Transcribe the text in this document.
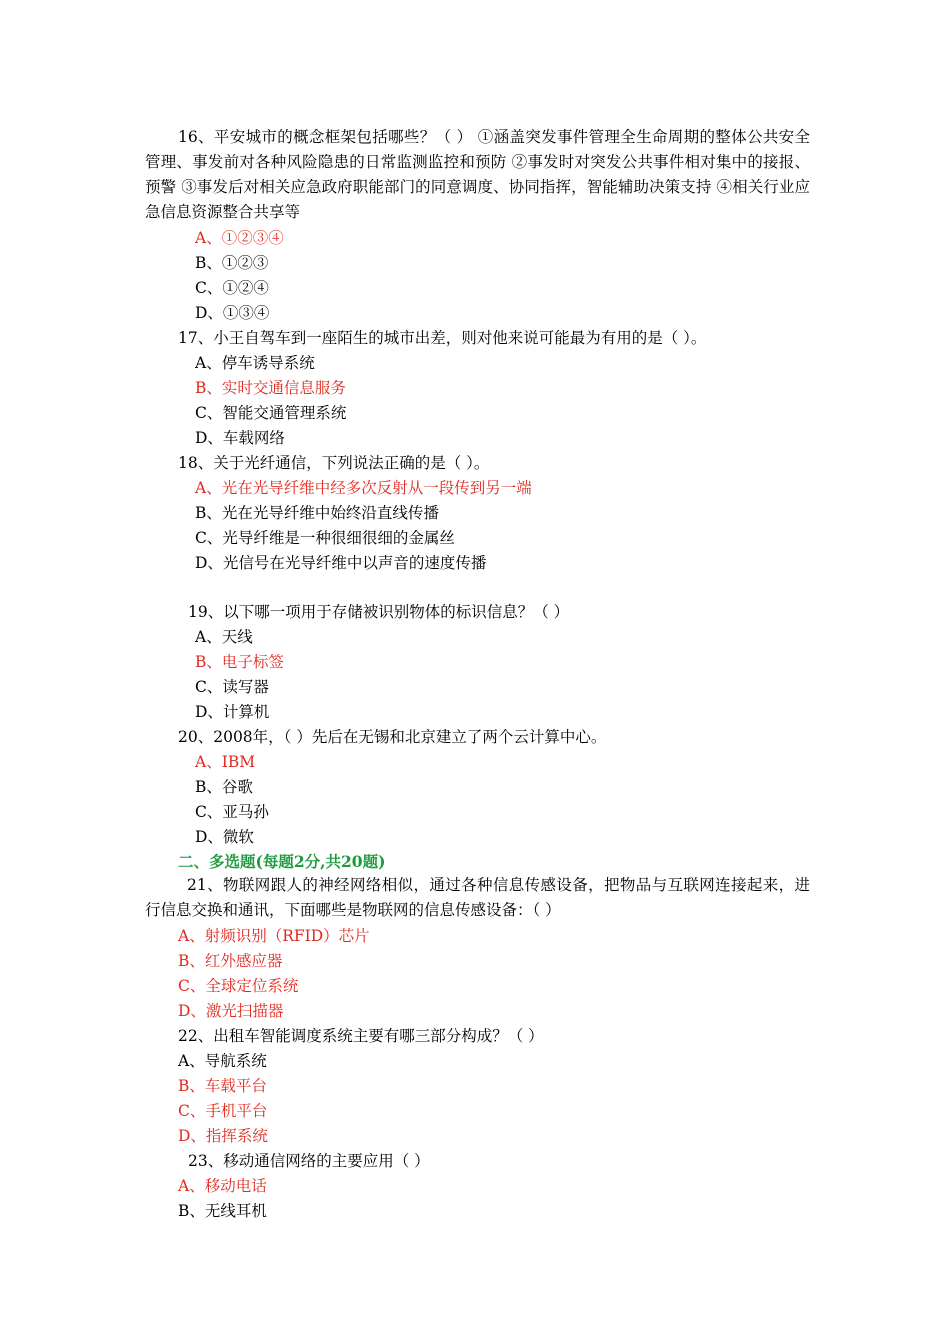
16、平安城市的概念框架包括哪些？（ ） ①涵盖突发事件管理全生命周期的整体公共安全管理、事发前对各种风险隐患的日常监测监控和预防 ②事发时对突发公共事件相对集中的接报、预警 ③事发后对相关应急政府职能部门的同意调度、协同指挥，智能辅助决策支持 ④相关行业应急信息资源整合共享等
A、①②③④
B、①②③
C、①②④
D、①③④
17、小王自驾车到一座陌生的城市出差，则对他来说可能最为有用的是（ ）。
A、停车诱导系统
B、实时交通信息服务
C、智能交通管理系统
D、车载网络
18、关于光纤通信，下列说法正确的是（ ）。
A、光在光导纤维中经多次反射从一段传到另一端
B、光在光导纤维中始终沿直线传播
C、光导纤维是一种很细很细的金属丝
D、光信号在光导纤维中以声音的速度传播
19、以下哪一项用于存储被识别物体的标识信息？（ ）
A、天线
B、电子标签
C、读写器
D、计算机
20、2008年，（ ）先后在无锡和北京建立了两个云计算中心。
A、IBM
B、谷歌
C、亚马孙
D、微软
二、多选题(每题2分,共20题)
21、物联网跟人的神经网络相似，通过各种信息传感设备，把物品与互联网连接起来，进行信息交换和通讯，下面哪些是物联网的信息传感设备：（ ）
A、射频识别（RFID）芯片
B、红外感应器
C、全球定位系统
D、激光扫描器
22、出租车智能调度系统主要有哪三部分构成？（ ）
A、导航系统
B、车载平台
C、手机平台
D、指挥系统
23、移动通信网络的主要应用（ ）
A、移动电话
B、无线耳机
